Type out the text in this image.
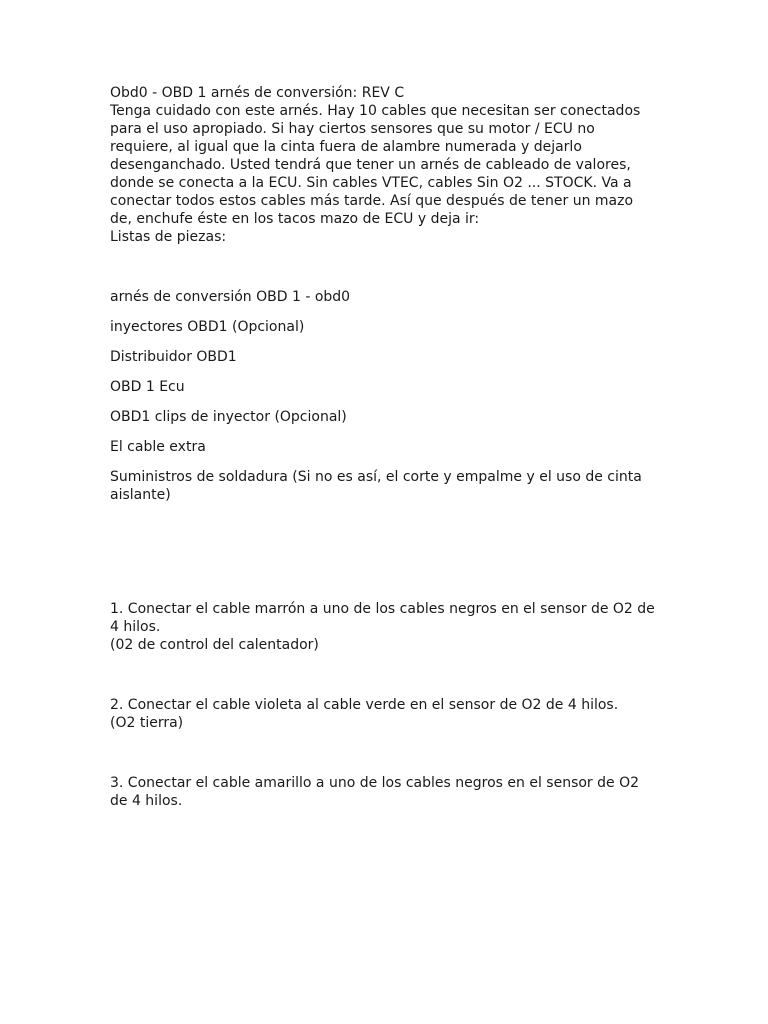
Obd0 - OBD 1 arnés de conversión: REV C

Tenga cuidado con este arnés. Hay 10 cables que necesitan ser conectados para el uso apropiado. Si hay ciertos sensores que su motor / ECU no requiere, al igual que la cinta fuera de alambre numerada y dejarlo desenganchado. Usted tendrá que tener un arnés de cableado de valores, donde se conecta a la ECU. Sin cables VTEC, cables Sin O2 ... STOCK. Va a conectar todos estos cables más tarde. Así que después de tener un mazo de, enchufe éste en los tacos mazo de ECU y deja ir:

Listas de piezas:

arnés de conversión OBD 1 - obd0
inyectores OBD1 (Opcional)
Distribuidor OBD1
OBD 1 Ecu
OBD1 clips de inyector (Opcional)
El cable extra
Suministros de soldadura (Si no es así, el corte y empalme y el uso de cinta aislante)

1. Conectar el cable marrón a uno de los cables negros en el sensor de O2 de 4 hilos.

(02 de control del calentador)

2. Conectar el cable violeta al cable verde en el sensor de O2 de 4 hilos.

(O2 tierra)

3. Conectar el cable amarillo a uno de los cables negros en el sensor de O2 de 4 hilos.
